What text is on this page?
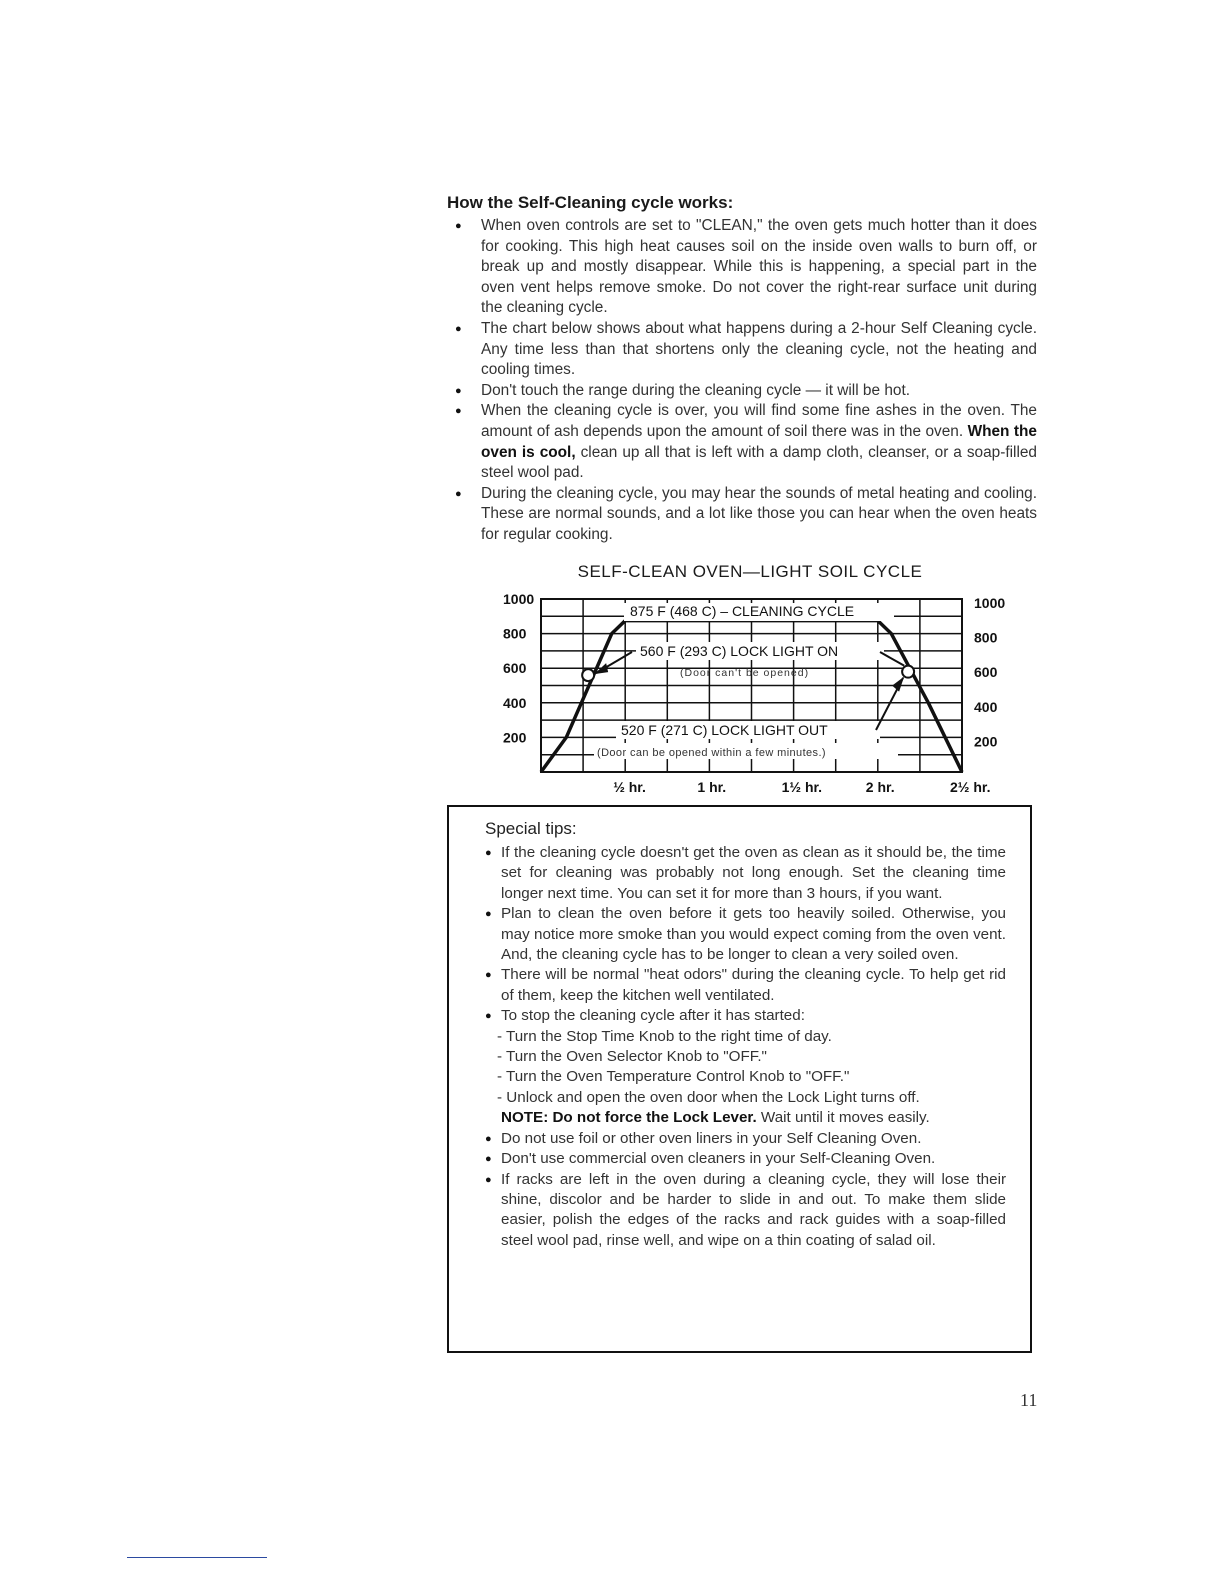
How the Self-Cleaning cycle works:
● When oven controls are set to "CLEAN," the oven gets much hotter than it does for cooking. This high heat causes soil on the inside oven walls to burn off, or break up and mostly disappear. While this is happening, a special part in the oven vent helps remove smoke. Do not cover the right-rear surface unit during the cleaning cycle.
● The chart below shows about what happens during a 2-hour Self Cleaning cycle. Any time less than that shortens only the cleaning cycle, not the heating and cooling times.
● Don't touch the range during the cleaning cycle — it will be hot.
● When the cleaning cycle is over, you will find some fine ashes in the oven. The amount of ash depends upon the amount of soil there was in the oven. When the oven is cool, clean up all that is left with a damp cloth, cleanser, or a soap-filled steel wool pad.
● During the cleaning cycle, you may hear the sounds of metal heating and cooling. These are normal sounds, and a lot like those you can hear when the oven heats for regular cooking.
SELF-CLEAN OVEN—LIGHT SOIL CYCLE
1000	1000
800	800
600	600
400	400
200	200
½ hr.	1 hr.	1½ hr.	2 hr.	2½ hr.
875 F (468 C) – CLEANING CYCLE
560 F (293 C) LOCK LIGHT ON
(Door can't be opened)
520 F (271 C) LOCK LIGHT OUT
(Door can be opened within a few minutes.)
Special tips:
● If the cleaning cycle doesn't get the oven as clean as it should be, the time set for cleaning was probably not long enough. Set the cleaning time longer next time. You can set it for more than 3 hours, if you want.
● Plan to clean the oven before it gets too heavily soiled. Otherwise, you may notice more smoke than you would expect coming from the oven vent. And, the cleaning cycle has to be longer to clean a very soiled oven.
● There will be normal "heat odors" during the cleaning cycle. To help get rid of them, keep the kitchen well ventilated.
● To stop the cleaning cycle after it has started:
- Turn the Stop Time Knob to the right time of day.
- Turn the Oven Selector Knob to "OFF."
- Turn the Oven Temperature Control Knob to "OFF."
- Unlock and open the oven door when the Lock Light turns off.
NOTE: Do not force the Lock Lever. Wait until it moves easily.
● Do not use foil or other oven liners in your Self Cleaning Oven.
● Don't use commercial oven cleaners in your Self-Cleaning Oven.
● If racks are left in the oven during a cleaning cycle, they will lose their shine, discolor and be harder to slide in and out. To make them slide easier, polish the edges of the racks and rack guides with a soap-filled steel wool pad, rinse well, and wipe on a thin coating of salad oil.
11
